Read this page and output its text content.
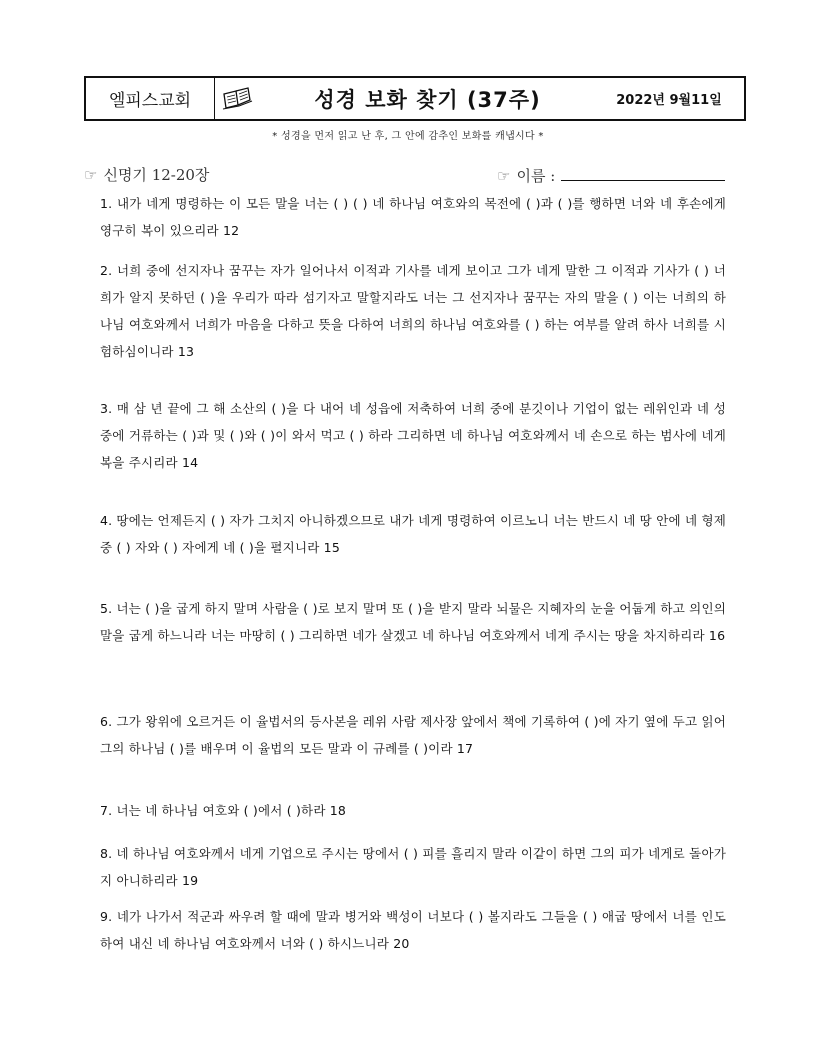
엘피스교회	성경 보화 찾기 (37주)	2022년 9월11일
* 성경을 먼저 읽고 난 후, 그 안에 감추인 보화를 캐냅시다 *
☞ 신명기 12-20장	☞ 이름 :
1. 내가 네게 명령하는 이 모든 말을 너는 ( ) ( ) 네 하나님 여호와의 목전에 ( )과 ( )를 행하면 너와 네 후손에게 영구히 복이 있으리라 12
2. 너희 중에 선지자나 꿈꾸는 자가 일어나서 이적과 기사를 네게 보이고 그가 네게 말한 그 이적과 기사가 ( ) 너희가 알지 못하던 ( )을 우리가 따라 섬기자고 말할지라도 너는 그 선지자나 꿈꾸는 자의 말을 ( ) 이는 너희의 하나님 여호와께서 너희가 마음을 다하고 뜻을 다하여 너희의 하나님 여호와를 ( ) 하는 여부를 알려 하사 너희를 시험하심이니라 13
3. 매 삼 년 끝에 그 해 소산의 ( )을 다 내어 네 성읍에 저축하여 너희 중에 분깃이나 기업이 없는 레위인과 네 성중에 거류하는 ( )과 및 ( )와 ( )이 와서 먹고 ( ) 하라 그리하면 네 하나님 여호와께서 네 손으로 하는 범사에 네게 복을 주시리라 14
4. 땅에는 언제든지 ( ) 자가 그치지 아니하겠으므로 내가 네게 명령하여 이르노니 너는 반드시 네 땅 안에 네 형제 중 ( ) 자와 ( ) 자에게 네 ( )을 펼지니라 15
5. 너는 ( )을 굽게 하지 말며 사람을 ( )로 보지 말며 또 ( )을 받지 말라 뇌물은 지혜자의 눈을 어둡게 하고 의인의 말을 굽게 하느니라 너는 마땅히 ( ) 그리하면 네가 살겠고 네 하나님 여호와께서 네게 주시는 땅을 차지하리라 16
6. 그가 왕위에 오르거든 이 율법서의 등사본을 레위 사람 제사장 앞에서 책에 기록하여 ( )에 자기 옆에 두고 읽어 그의 하나님 ( )를 배우며 이 율법의 모든 말과 이 규례를 ( )이라 17
7. 너는 네 하나님 여호와 ( )에서 ( )하라 18
8. 네 하나님 여호와께서 네게 기업으로 주시는 땅에서 ( ) 피를 흘리지 말라 이같이 하면 그의 피가 네게로 돌아가지 아니하리라 19
9. 네가 나가서 적군과 싸우려 할 때에 말과 병거와 백성이 너보다 ( ) 볼지라도 그들을 ( ) 애굽 땅에서 너를 인도하여 내신 네 하나님 여호와께서 너와 ( ) 하시느니라 20
